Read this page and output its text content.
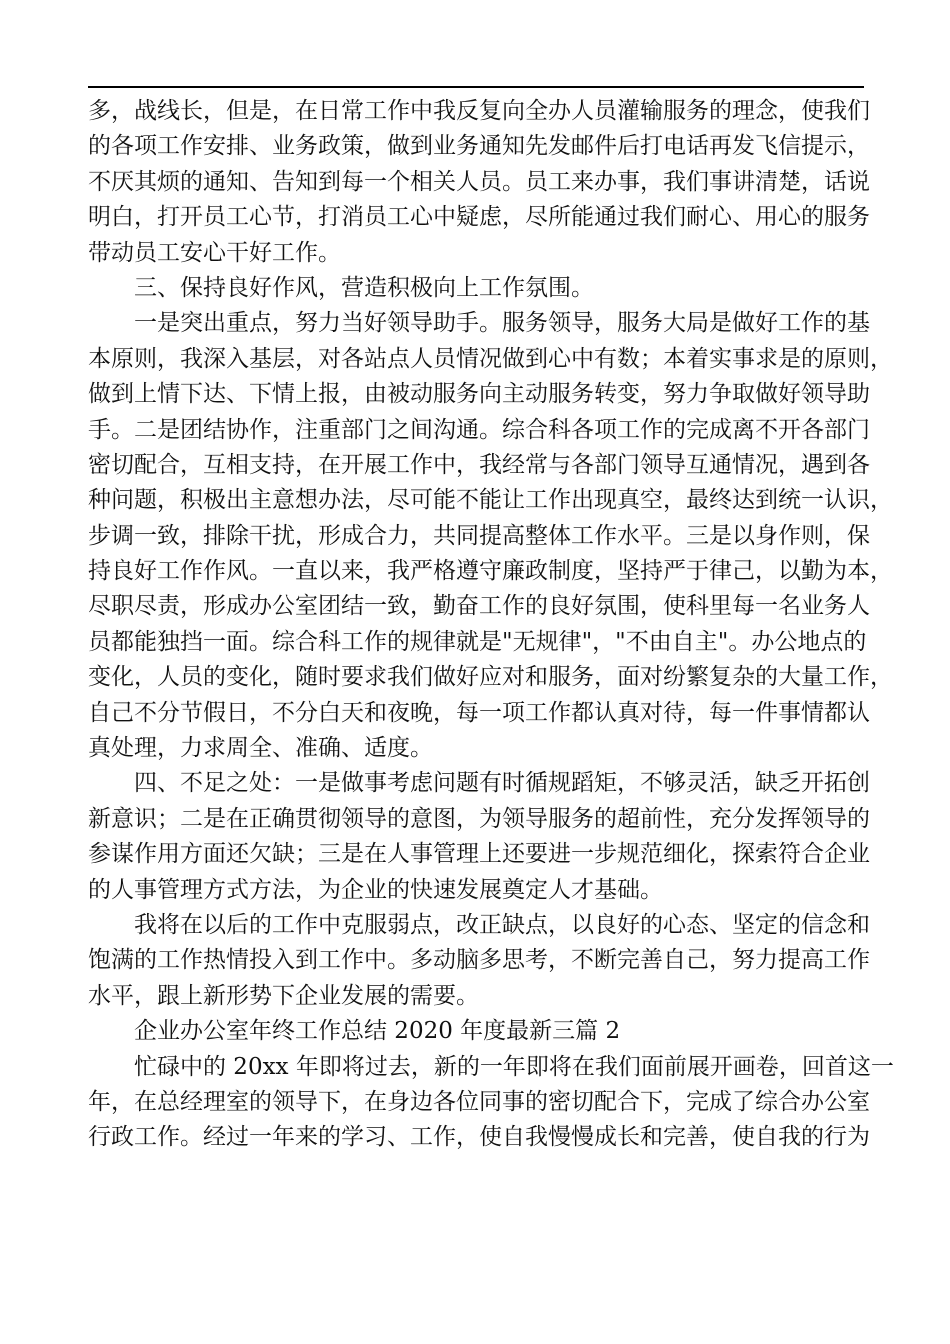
多，战线长，但是，在日常工作中我反复向全办人员灌输服务的理念，使我们
的各项工作安排、业务政策，做到业务通知先发邮件后打电话再发飞信提示，
不厌其烦的通知、告知到每一个相关人员。员工来办事，我们事讲清楚，话说
明白，打开员工心节，打消员工心中疑虑，尽所能通过我们耐心、用心的服务
带动员工安心干好工作。
三、保持良好作风，营造积极向上工作氛围。
一是突出重点，努力当好领导助手。服务领导，服务大局是做好工作的基
本原则，我深入基层，对各站点人员情况做到心中有数；本着实事求是的原则，
做到上情下达、下情上报，由被动服务向主动服务转变，努力争取做好领导助
手。二是团结协作，注重部门之间沟通。综合科各项工作的完成离不开各部门
密切配合，互相支持，在开展工作中，我经常与各部门领导互通情况，遇到各
种问题，积极出主意想办法，尽可能不能让工作出现真空，最终达到统一认识，
步调一致，排除干扰，形成合力，共同提高整体工作水平。三是以身作则，保
持良好工作作风。一直以来，我严格遵守廉政制度，坚持严于律己，以勤为本，
尽职尽责，形成办公室团结一致，勤奋工作的良好氛围，使科里每一名业务人
员都能独挡一面。综合科工作的规律就是"无规律"，"不由自主"。办公地点的
变化，人员的变化，随时要求我们做好应对和服务，面对纷繁复杂的大量工作，
自己不分节假日，不分白天和夜晚，每一项工作都认真对待，每一件事情都认
真处理，力求周全、准确、适度。
四、不足之处：一是做事考虑问题有时循规蹈矩，不够灵活，缺乏开拓创
新意识；二是在正确贯彻领导的意图，为领导服务的超前性，充分发挥领导的
参谋作用方面还欠缺；三是在人事管理上还要进一步规范细化，探索符合企业
的人事管理方式方法，为企业的快速发展奠定人才基础。
我将在以后的工作中克服弱点，改正缺点，以良好的心态、坚定的信念和
饱满的工作热情投入到工作中。多动脑多思考，不断完善自己，努力提高工作
水平，跟上新形势下企业发展的需要。
企业办公室年终工作总结 2020 年度最新三篇 2
忙碌中的 20xx 年即将过去，新的一年即将在我们面前展开画卷，回首这一
年，在总经理室的领导下，在身边各位同事的密切配合下，完成了综合办公室
行政工作。经过一年来的学习、工作，使自我慢慢成长和完善，使自我的行为
